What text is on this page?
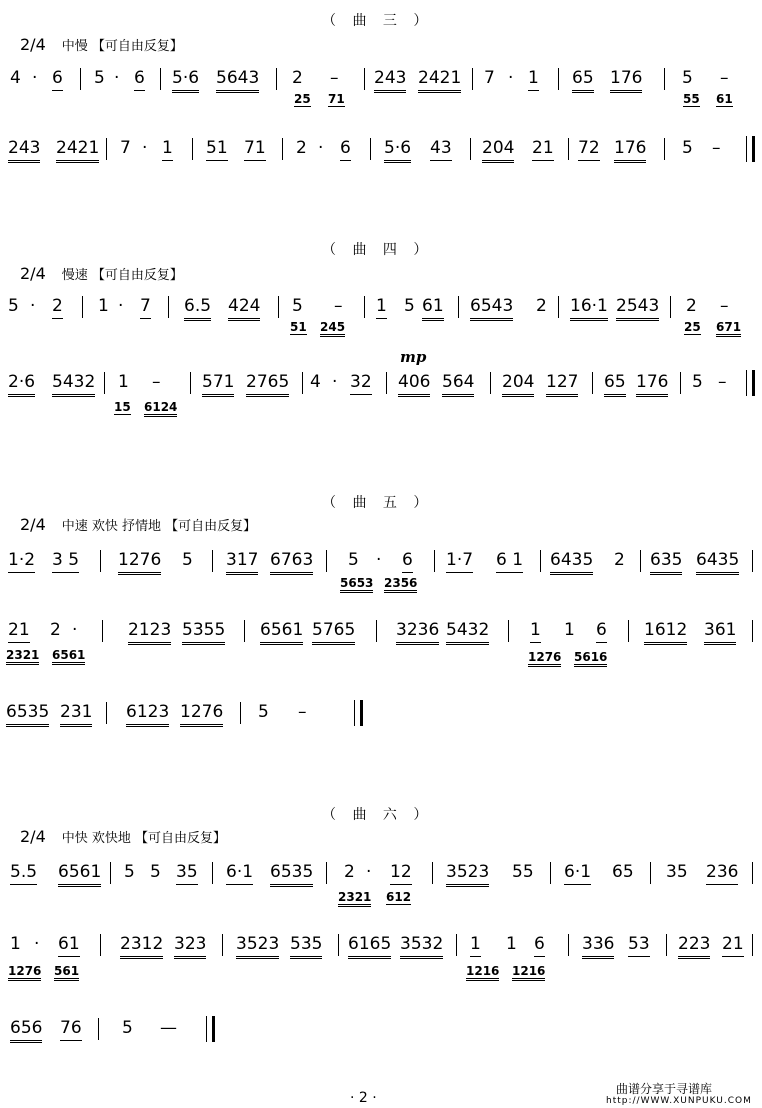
（ 曲 三 ）
2/4 中慢 【可自由反复】
4 · 6 5 · 6 5·6 5643 2 – 243 2421 7 · 1 65 176 5 –
25 71	55 61
243 2421 7 · 1 51 71 2 · 6 5·6 43 204 21 72 176 5 –
（ 曲 四 ）
2/4 慢速 【可自由反复】
5 · 2 1 · 7 6.5 424 5 – 1 5 61 6543 2 16·1 2543 2 –
51 245	25 671
mp
2·6 5432 1 – 571 2765 4 · 32 406 564 204 127 65 176 5 –
15 6124
（ 曲 五 ）
2/4 中速 欢快 抒情地 【可自由反复】
1·2 3 5 1276 5 317 6763 5 · 6 1·7 6 1 6435 2 635 6435
5653 2356
21 2 ·	2123 5355 6561 5765 3236 5432 1 1 6 1612 361
2321 6561	1276 5616
6535 231 6123 1276 5 –
（ 曲 六 ）
2/4 中快 欢快地 【可自由反复】
5.5 6561 5 5 35 6·1 6535 2 · 12 3523 55 6·1 65 35 236
2321 612
1 · 61 2312 323 3523 535 6165 3532 1 1 6 336 53 223 21
1276 561	1216 1216
656 76 5 —
· 2 ·
曲谱分享于寻谱库
http://WWW.XUNPUKU.COM
